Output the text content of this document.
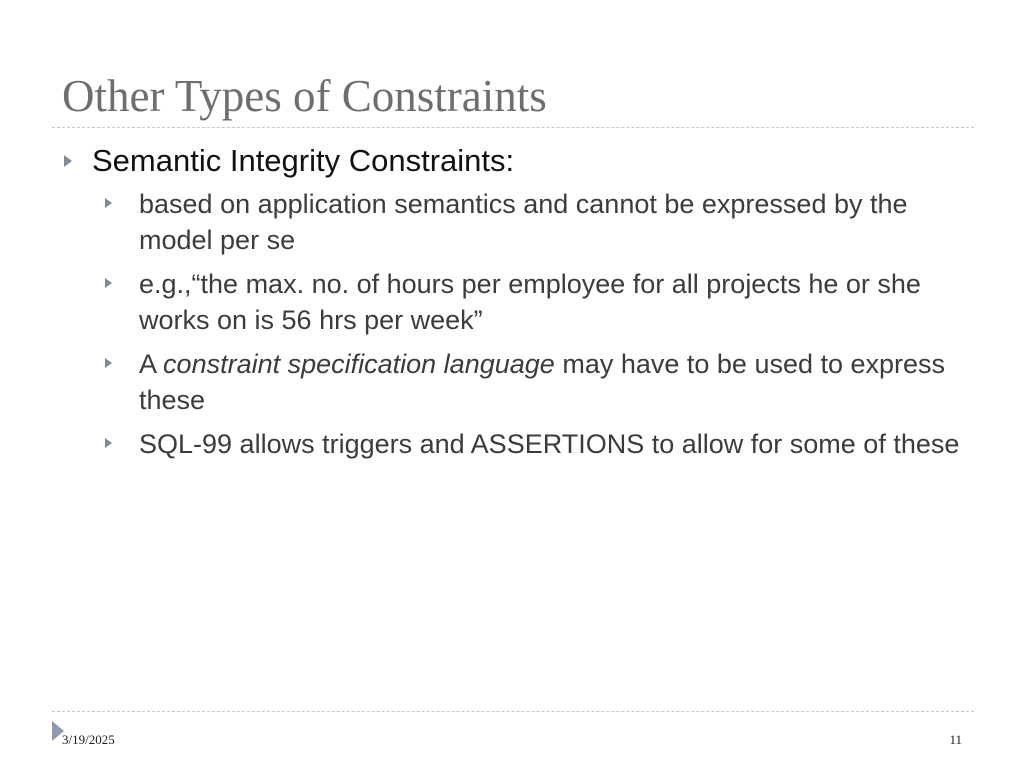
Other Types of Constraints
Semantic Integrity Constraints:
based on application semantics and cannot be expressed by the model per se
e.g.,“the max. no. of hours per employee for all projects he or she works on is 56 hrs per week”
A constraint specification language may have to be used to express these
SQL-99 allows triggers and ASSERTIONS to allow for some of these
3/19/2025	11
